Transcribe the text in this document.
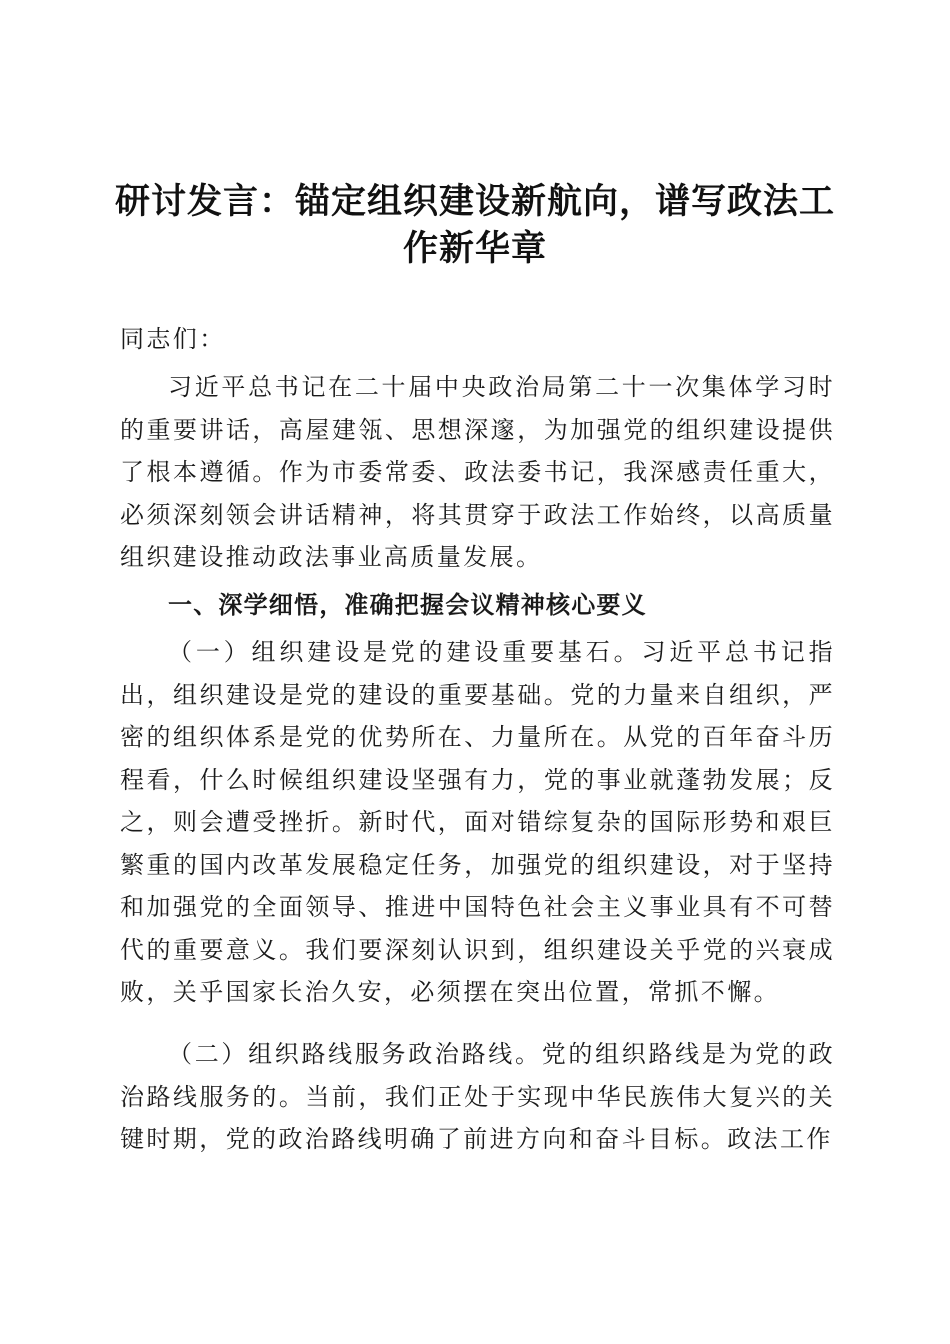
研讨发言：锚定组织建设新航向，谱写政法工作新华章

同志们：

习近平总书记在二十届中央政治局第二十一次集体学习时的重要讲话，高屋建瓴、思想深邃，为加强党的组织建设提供了根本遵循。作为市委常委、政法委书记，我深感责任重大，必须深刻领会讲话精神，将其贯穿于政法工作始终，以高质量组织建设推动政法事业高质量发展。

一、深学细悟，准确把握会议精神核心要义

（一）组织建设是党的建设重要基石。习近平总书记指出，组织建设是党的建设的重要基础。党的力量来自组织，严密的组织体系是党的优势所在、力量所在。从党的百年奋斗历程看，什么时候组织建设坚强有力，党的事业就蓬勃发展；反之，则会遭受挫折。新时代，面对错综复杂的国际形势和艰巨繁重的国内改革发展稳定任务，加强党的组织建设，对于坚持和加强党的全面领导、推进中国特色社会主义事业具有不可替代的重要意义。我们要深刻认识到，组织建设关乎党的兴衰成败，关乎国家长治久安，必须摆在突出位置，常抓不懈。

（二）组织路线服务政治路线。党的组织路线是为党的政治路线服务的。当前，我们正处于实现中华民族伟大复兴的关键时期，党的政治路线明确了前进方向和奋斗目标。政法工作
